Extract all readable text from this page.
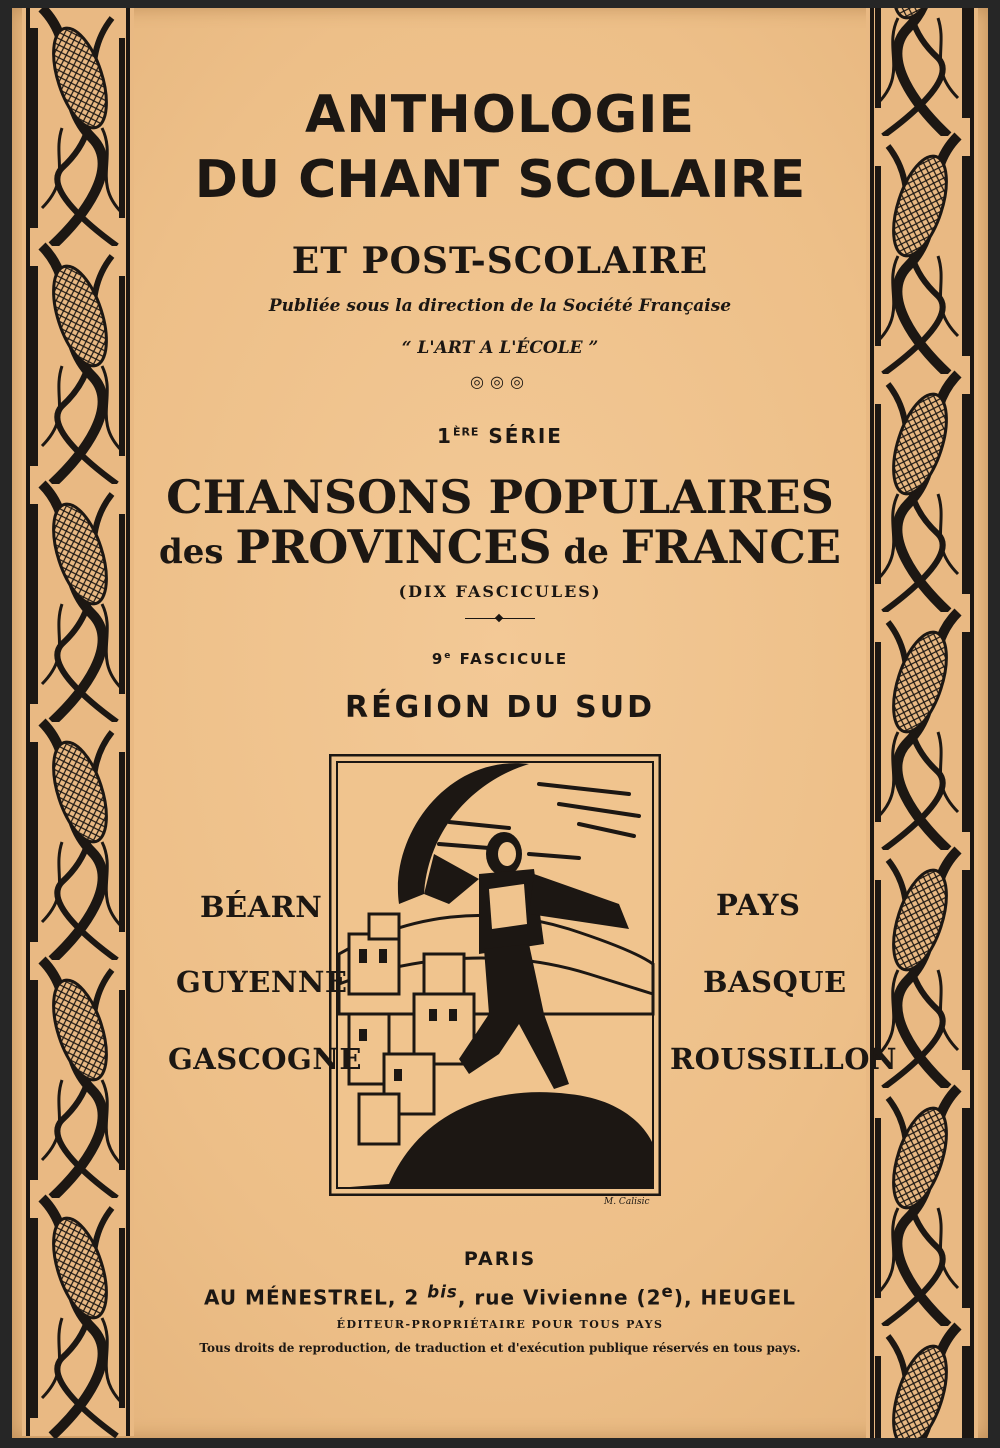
ANTHOLOGIE
DU CHANT SCOLAIRE
ET POST-SCOLAIRE
Publiée sous la direction de la Société Française
“ L'ART A L'ÉCOLE ”
◎◎◎
1ÈRE SÉRIE
CHANSONS POPULAIRES
des PROVINCES de FRANCE
(DIX FASCICULES)
9e FASCICULE
RÉGION DU SUD
M. Calisic
BÉARN
GUYENNE
GASCOGNE
PAYS
BASQUE
ROUSSILLON
PARIS
AU MÉNESTREL, 2 $^{bis}$, rue Vivienne (2e), HEUGEL
ÉDITEUR-PROPRIÉTAIRE POUR TOUS PAYS
Tous droits de reproduction, de traduction et d'exécution publique réservés en tous pays.
